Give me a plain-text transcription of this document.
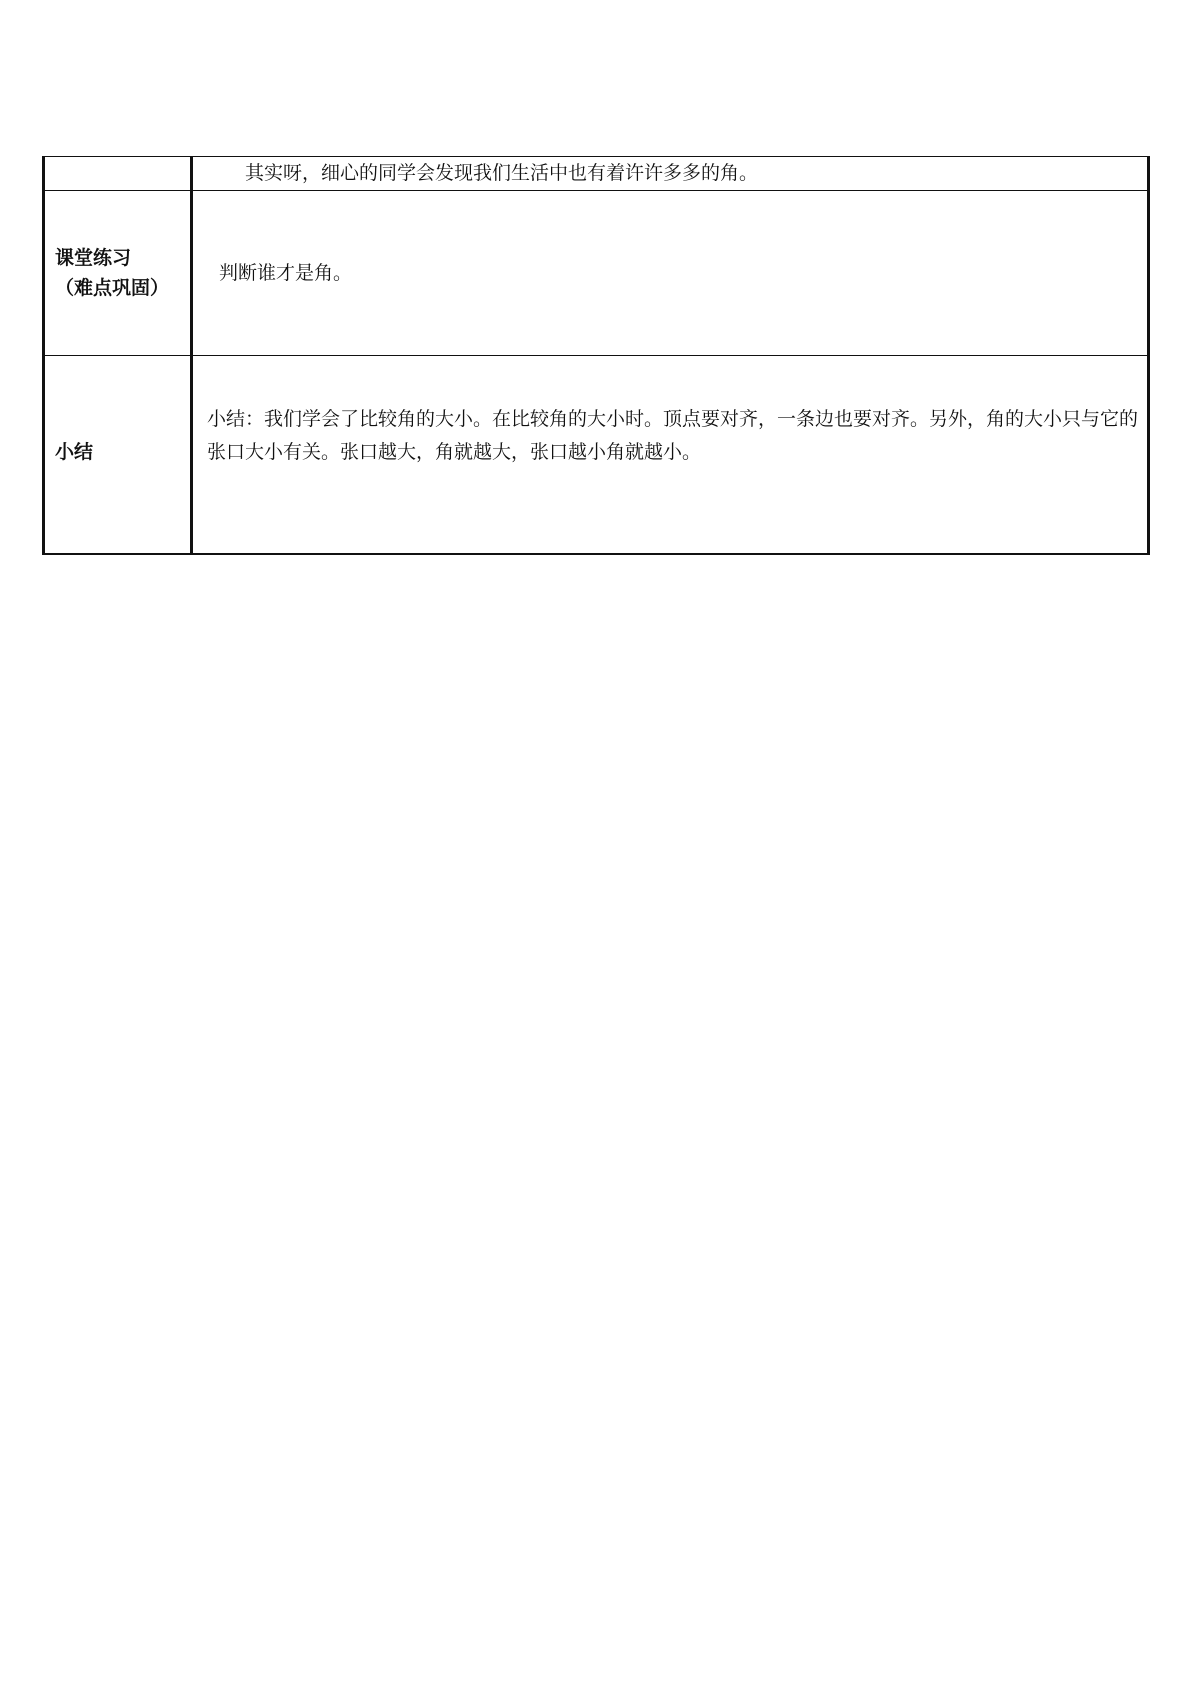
	其实呀，细心的同学会发现我们生活中也有着许许多多的角。

课堂练习
（难点巩固）	判断谁才是角。

小结	小结：我们学会了比较角的大小。在比较角的大小时。顶点要对齐，一条边也要对齐。另外，角的大小只与它的张口大小有关。张口越大，角就越大，张口越小角就越小。
